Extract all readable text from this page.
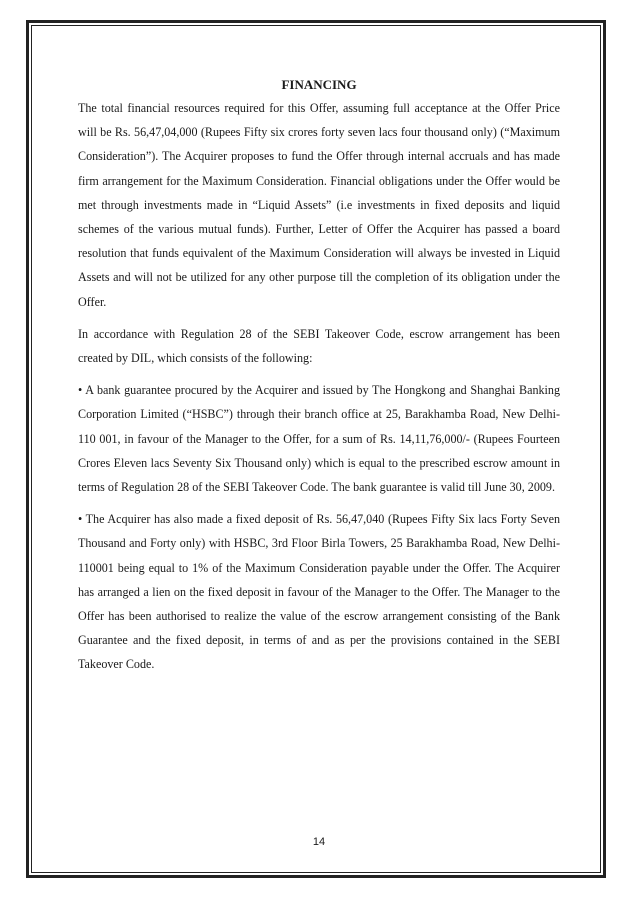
FINANCING

The total financial resources required for this Offer, assuming full acceptance at the Offer Price will be Rs. 56,47,04,000 (Rupees Fifty six crores forty seven lacs four thousand only) (“Maximum Consideration”). The Acquirer proposes to fund the Offer through internal accruals and has made firm arrangement for the Maximum Consideration. Financial obligations under the Offer would be met through investments made in “Liquid Assets” (i.e investments in fixed deposits and liquid schemes of the various mutual funds). Further, Letter of Offer the Acquirer has passed a board resolution that funds equivalent of the Maximum Consideration will always be invested in Liquid Assets and will not be utilized for any other purpose till the completion of its obligation under the Offer.

In accordance with Regulation 28 of the SEBI Takeover Code, escrow arrangement has been created by DIL, which consists of the following:

• A bank guarantee procured by the Acquirer and issued by The Hongkong and Shanghai Banking Corporation Limited (“HSBC”) through their branch office at 25, Barakhamba Road, New Delhi-110 001, in favour of the Manager to the Offer, for a sum of Rs. 14,11,76,000/- (Rupees Fourteen Crores Eleven lacs Seventy Six Thousand only) which is equal to the prescribed escrow amount in terms of Regulation 28 of the SEBI Takeover Code. The bank guarantee is valid till June 30, 2009.

• The Acquirer has also made a fixed deposit of Rs. 56,47,040 (Rupees Fifty Six lacs Forty Seven Thousand and Forty only) with HSBC, 3rd Floor Birla Towers, 25 Barakhamba Road, New Delhi-110001 being equal to 1% of the Maximum Consideration payable under the Offer. The Acquirer has arranged a lien on the fixed deposit in favour of the Manager to the Offer. The Manager to the Offer has been authorised to realize the value of the escrow arrangement consisting of the Bank Guarantee and the fixed deposit, in terms of and as per the provisions contained in the SEBI Takeover Code.

14
